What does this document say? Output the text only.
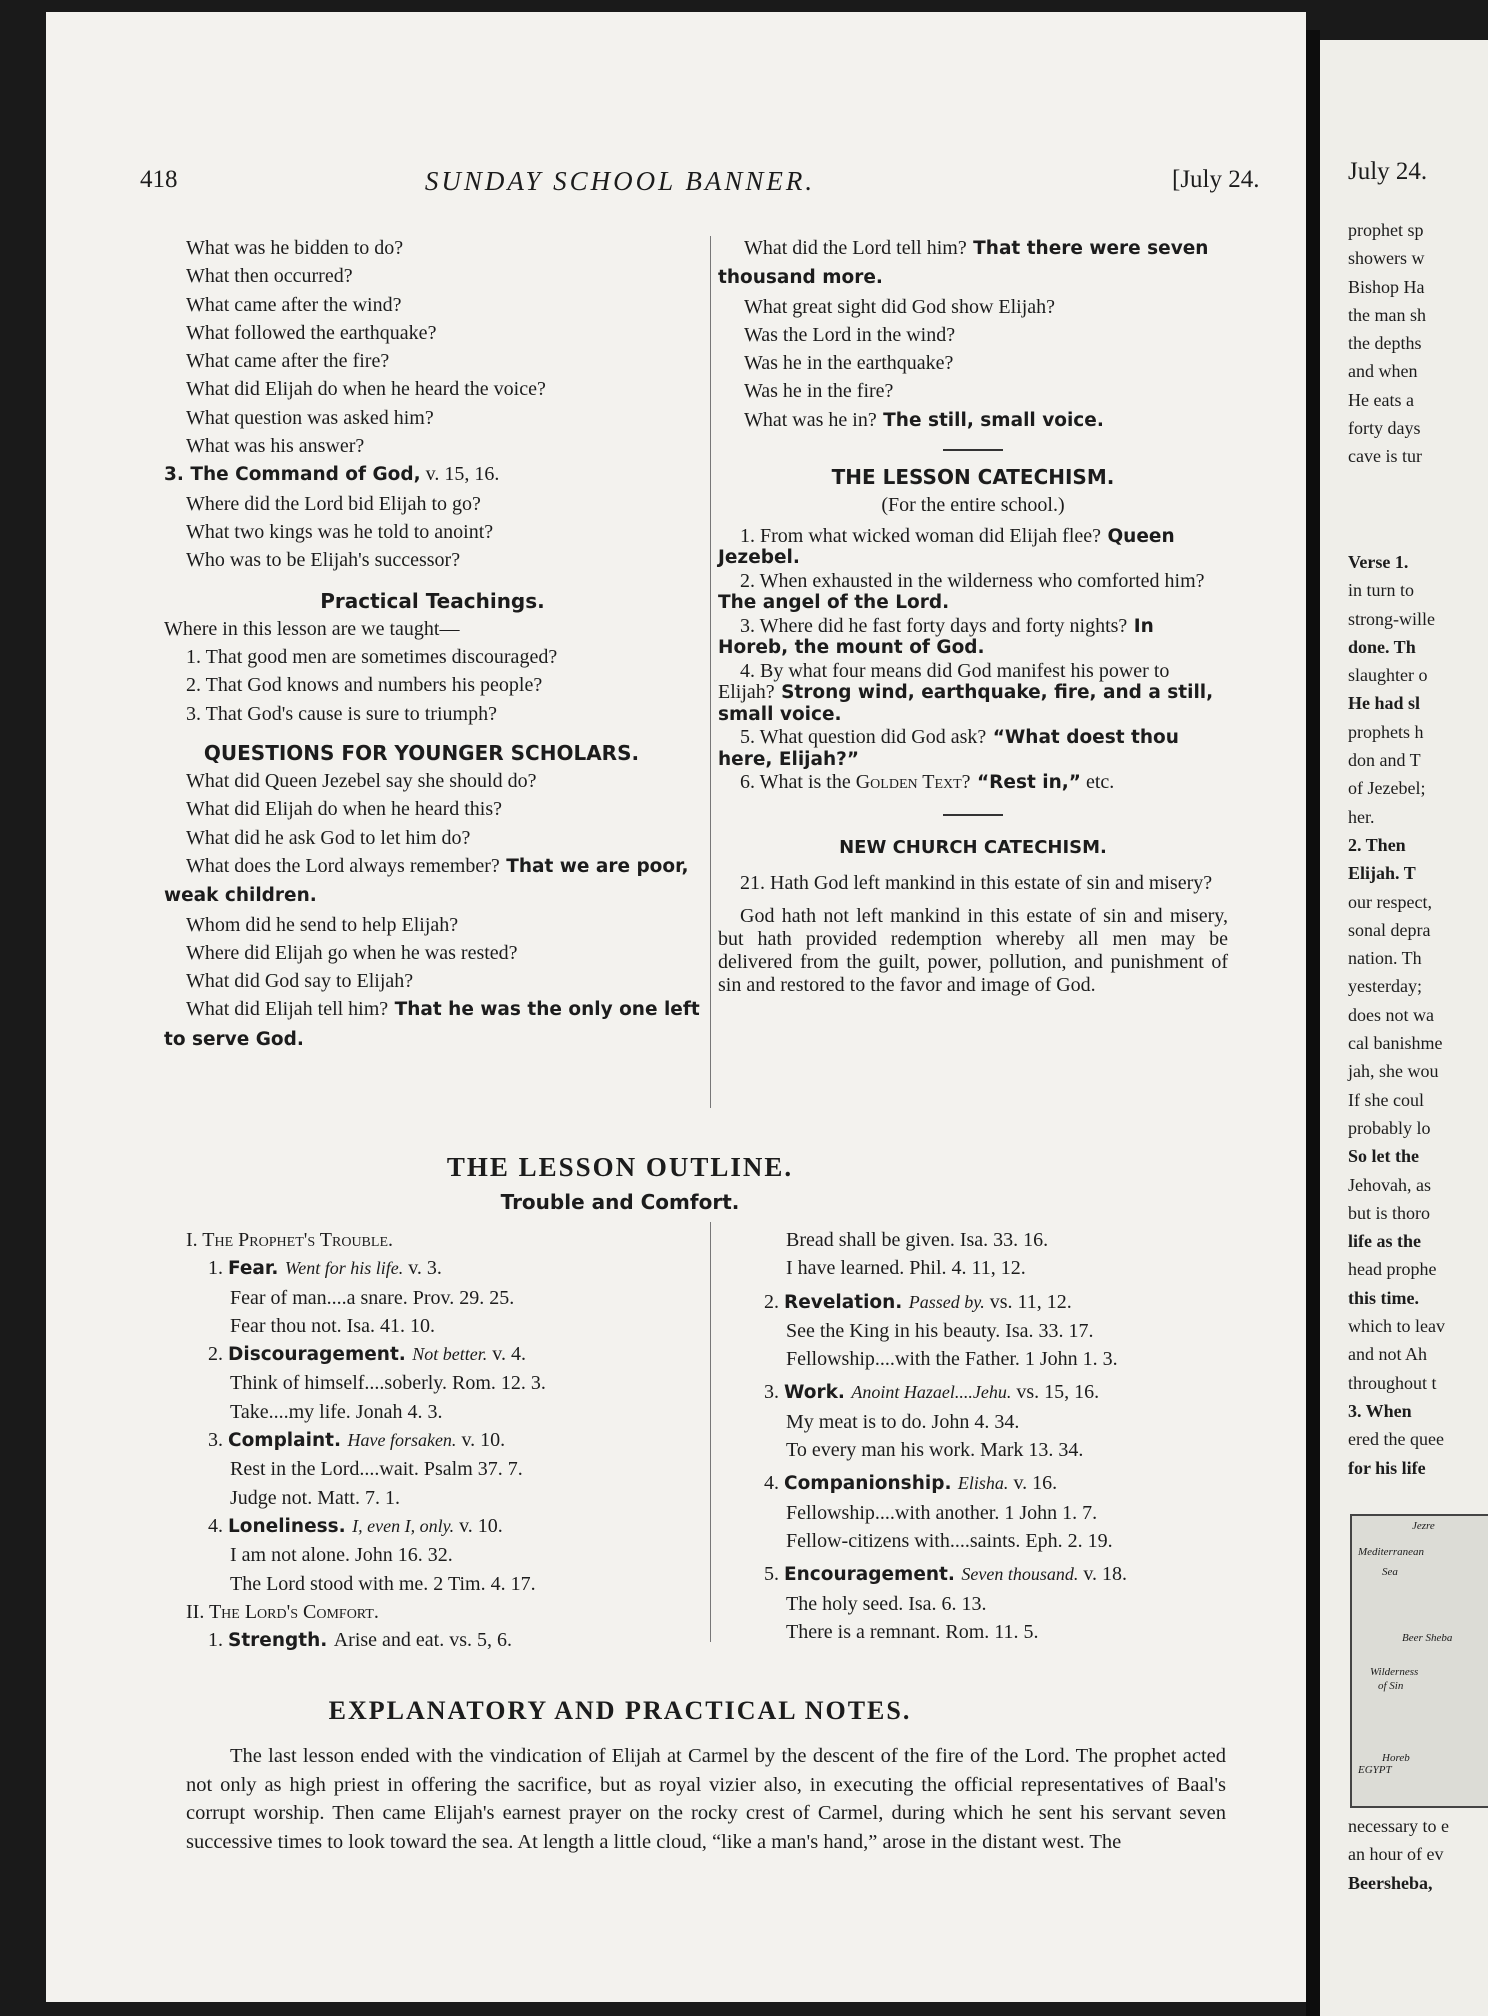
418	SUNDAY SCHOOL BANNER.	[July 24.

What was he bidden to do?

What then occurred?

What came after the wind?

What followed the earthquake?

What came after the fire?

What did Elijah do when he heard the voice?

What question was asked him?

What was his answer?

3. The Command of God, v. 15, 16.

Where did the Lord bid Elijah to go?

What two kings was he told to anoint?

Who was to be Elijah's successor?

Practical Teachings.

Where in this lesson are we taught—

1. That good men are sometimes discouraged?

2. That God knows and numbers his people?

3. That God's cause is sure to triumph?

QUESTIONS FOR YOUNGER SCHOLARS.

What did Queen Jezebel say she should do?

What did Elijah do when he heard this?

What did he ask God to let him do?

What does the Lord always remember? That we are poor, weak children.

Whom did he send to help Elijah?

Where did Elijah go when he was rested?

What did God say to Elijah?

What did Elijah tell him? That he was the only one left to serve God.

What did the Lord tell him? That there were seven thousand more.

What great sight did God show Elijah?

Was the Lord in the wind?

Was he in the earthquake?

Was he in the fire?

What was he in? The still, small voice.

THE LESSON CATECHISM.

(For the entire school.)

1. From what wicked woman did Elijah flee? Queen Jezebel.

2. When exhausted in the wilderness who comforted him? The angel of the Lord.

3. Where did he fast forty days and forty nights? In Horeb, the mount of God.

4. By what four means did God manifest his power to Elijah? Strong wind, earthquake, fire, and a still, small voice.

5. What question did God ask? “What doest thou here, Elijah?”

6. What is the Golden Text? “Rest in,” etc.

NEW CHURCH CATECHISM.

21. Hath God left mankind in this estate of sin and misery?

God hath not left mankind in this estate of sin and misery, but hath provided redemption whereby all men may be delivered from the guilt, power, pollution, and punishment of sin and restored to the favor and image of God.

THE LESSON OUTLINE.
Trouble and Comfort.

I. The Prophet's Trouble.

1. Fear. Went for his life. v. 3.

Fear of man....a snare. Prov. 29. 25.

Fear thou not. Isa. 41. 10.

2. Discouragement. Not better. v. 4.

Think of himself....soberly. Rom. 12. 3.

Take....my life. Jonah 4. 3.

3. Complaint. Have forsaken. v. 10.

Rest in the Lord....wait. Psalm 37. 7.

Judge not. Matt. 7. 1.

4. Loneliness. I, even I, only. v. 10.

I am not alone. John 16. 32.

The Lord stood with me. 2 Tim. 4. 17.

II. The Lord's Comfort.

1. Strength. Arise and eat. vs. 5, 6.

Bread shall be given. Isa. 33. 16.

I have learned. Phil. 4. 11, 12.

2. Revelation. Passed by. vs. 11, 12.

See the King in his beauty. Isa. 33. 17.

Fellowship....with the Father. 1 John 1. 3.

3. Work. Anoint Hazael....Jehu. vs. 15, 16.

My meat is to do. John 4. 34.

To every man his work. Mark 13. 34.

4. Companionship. Elisha. v. 16.

Fellowship....with another. 1 John 1. 7.

Fellow-citizens with....saints. Eph. 2. 19.

5. Encouragement. Seven thousand. v. 18.

The holy seed. Isa. 6. 13.

There is a remnant. Rom. 11. 5.

EXPLANATORY AND PRACTICAL NOTES.
The last lesson ended with the vindication of Elijah at Carmel by the descent of the fire of the Lord. The prophet acted not only as high priest in offering the sacrifice, but as royal vizier also, in executing the official representatives of Baal's corrupt worship. Then came Elijah's earnest prayer on the rocky crest of Carmel, during which he sent his servant seven successive times to look toward the sea. At length a little cloud, “like a man's hand,” arose in the distant west. The
July 24.
prophet sp
showers w
Bishop Ha
the man sh
the depths
and when
He eats a
forty days
cave is tur
Verse 1.
in turn to
strong-wille
done. Th
slaughter o
He had sl
prophets h
don and T
of Jezebel;
her.
2. Then
Elijah. T
our respect,
sonal depra
nation. Th
yesterday;
does not wa
cal banishme
jah, she wou
If she coul
probably lo
So let the
Jehovah, as
but is thoro
life as the
head prophe
this time.
which to leav
and not Ah
throughout t
3. When
ered the quee
for his life
Jezre
Mediterranean
Sea
Beer Sheba
Wilderness
of Sin
Horeb
EGYPT
necessary to e
an hour of ev
Beersheba,
